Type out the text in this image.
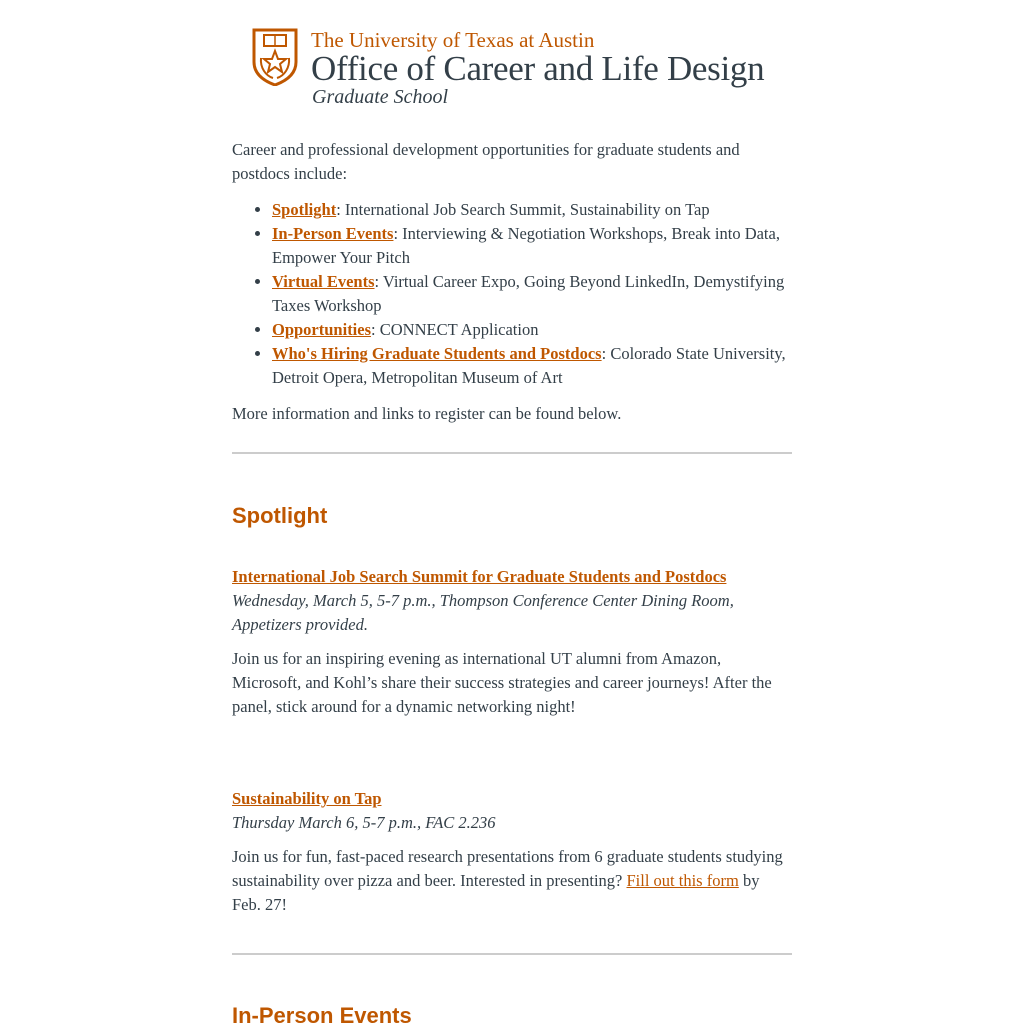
The University of Texas at Austin
Office of Career and Life Design
Graduate School

Career and professional development opportunities for graduate students and postdocs include:

• Spotlight: International Job Search Summit, Sustainability on Tap
• In-Person Events: Interviewing & Negotiation Workshops, Break into Data, Empower Your Pitch
• Virtual Events: Virtual Career Expo, Going Beyond LinkedIn, Demystifying Taxes Workshop
• Opportunities: CONNECT Application
• Who's Hiring Graduate Students and Postdocs: Colorado State University, Detroit Opera, Metropolitan Museum of Art

More information and links to register can be found below.

Spotlight

International Job Search Summit for Graduate Students and Postdocs

Wednesday, March 5, 5-7 p.m., Thompson Conference Center Dining Room, Appetizers provided.

Join us for an inspiring evening as international UT alumni from Amazon, Microsoft, and Kohl’s share their success strategies and career journeys! After the panel, stick around for a dynamic networking night!

Sustainability on Tap

Thursday March 6, 5-7 p.m., FAC 2.236

Join us for fun, fast-paced research presentations from 6 graduate students studying sustainability over pizza and beer. Interested in presenting? Fill out this form by Feb. 27!

In-Person Events
